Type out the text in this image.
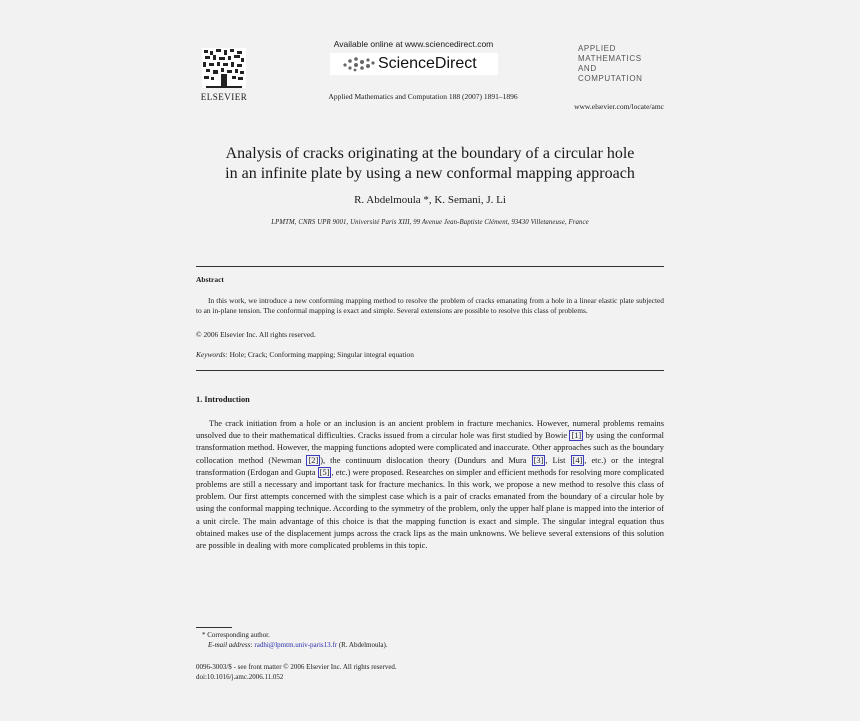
ELSEVIER
Available online at www.sciencedirect.com
ScienceDirect
Applied Mathematics and Computation 188 (2007) 1891–1896
APPLIED
MATHEMATICS
AND
COMPUTATION
www.elsevier.com/locate/amc
Analysis of cracks originating at the boundary of a circular hole
in an infinite plate by using a new conformal mapping approach
R. Abdelmoula *, K. Semani, J. Li
LPMTM, CNRS UPR 9001, Université Paris XIII, 99 Avenue Jean-Baptiste Clément, 93430 Villetaneuse, France
Abstract
In this work, we introduce a new conforming mapping method to resolve the problem of cracks emanating from a hole in a linear elastic plate subjected to an in-plane tension. The conformal mapping is exact and simple. Several extensions are possible to resolve this class of problems.
© 2006 Elsevier Inc. All rights reserved.
Keywords: Hole; Crack; Conforming mapping; Singular integral equation
1. Introduction
The crack initiation from a hole or an inclusion is an ancient problem in fracture mechanics. However, numeral problems remains unsolved due to their mathematical difficulties. Cracks issued from a circular hole was first studied by Bowie [1] by using the conformal transformation method. However, the mapping functions adopted were complicated and inaccurate. Other approaches such as the boundary collocation method (Newman [2] ), the continuum dislocation theory (Dundurs and Mura [3] , List [4] , etc.) or the integral transformation (Erdogan and Gupta [5] , etc.) were proposed. Researches on simpler and efficient methods for resolving more complicated problems are still a necessary and important task for fracture mechanics. In this work, we propose a new method to resolve this class of problem. Our first attempts concerned with the simplest case which is a pair of cracks emanated from the boundary of a circular hole by using the conformal mapping technique. According to the symmetry of the problem, only the upper half plane is mapped into the interior of a unit circle. The main advantage of this choice is that the mapping function is exact and simple. The singular integral equation thus obtained makes use of the displacement jumps across the crack lips as the main unknowns. We believe several extensions of this solution are possible in dealing with more complicated problems in this topic.
* Corresponding author.
E-mail address: radhi@lpmtm.univ-paris13.fr (R. Abdelmoula).
0096-3003/$ - see front matter © 2006 Elsevier Inc. All rights reserved.
doi:10.1016/j.amc.2006.11.052
